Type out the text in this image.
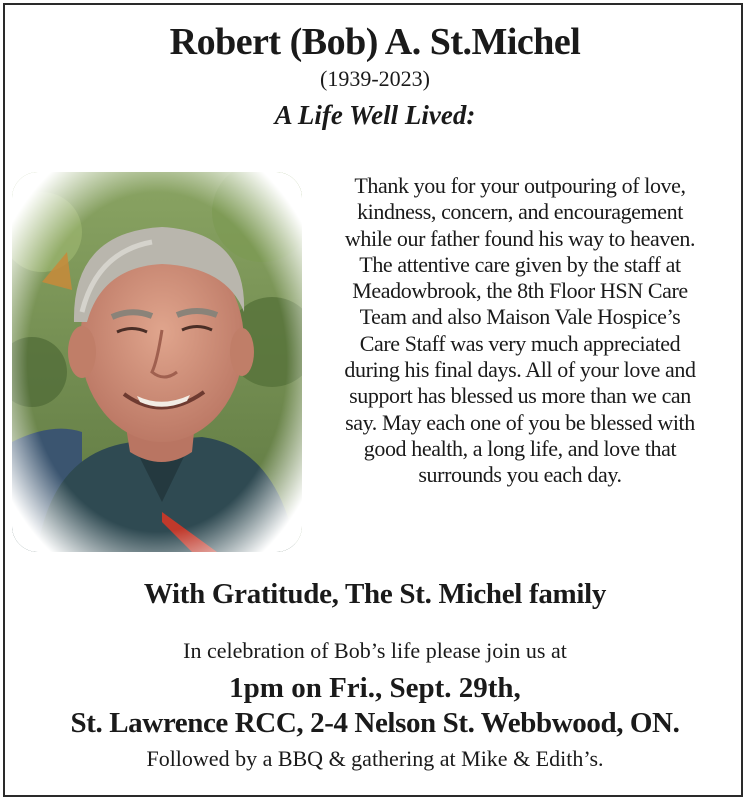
Robert (Bob) A. St.Michel
(1939-2023)
A Life Well Lived:

Thank you for your outpouring of love,
kindness, concern, and encouragement
while our father found his way to heaven.
The attentive care given by the staff at
Meadowbrook, the 8th Floor HSN Care
Team and also Maison Vale Hospice’s
Care Staff was very much appreciated
during his final days. All of your love and
support has blessed us more than we can
say. May each one of you be blessed with
good health, a long life, and love that
surrounds you each day.

With Gratitude, The St. Michel family
In celebration of Bob’s life please join us at
1pm on Fri., Sept. 29th,
St. Lawrence RCC, 2-4 Nelson St. Webbwood, ON.
Followed by a BBQ & gathering at Mike & Edith’s.
